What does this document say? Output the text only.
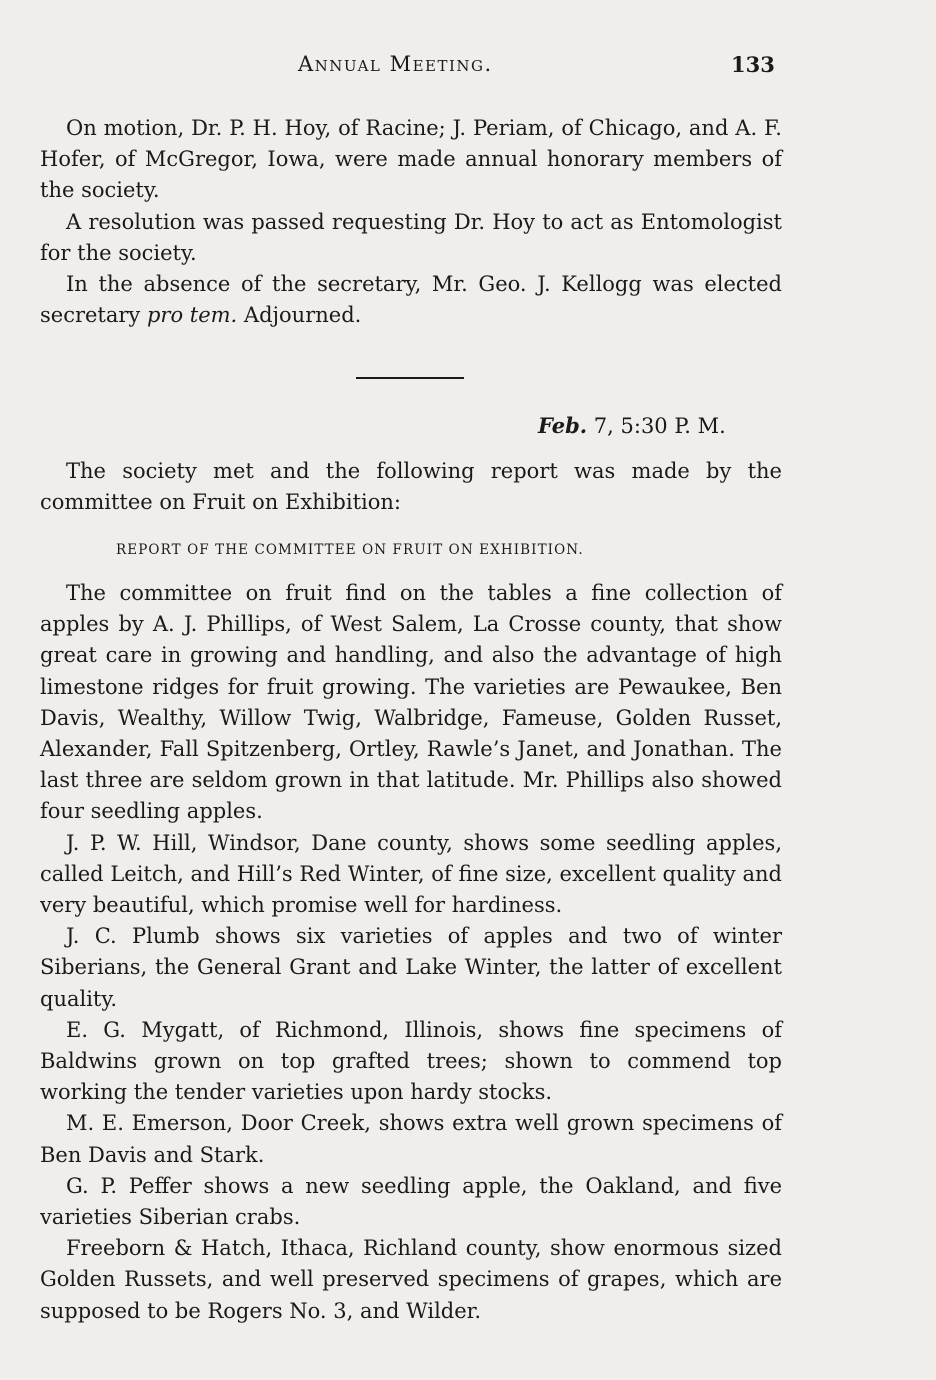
Annual Meeting.	133

On motion, Dr. P. H. Hoy, of Racine; J. Periam, of Chicago, and A. F. Hofer, of McGregor, Iowa, were made annual honorary members of the society.

A resolution was passed requesting Dr. Hoy to act as Entomologist for the society.

In the absence of the secretary, Mr. Geo. J. Kellogg was elected secretary pro tem. Adjourned.

Feb. 7, 5:30 P. M.

The society met and the following report was made by the committee on Fruit on Exhibition:

REPORT OF THE COMMITTEE ON FRUIT ON EXHIBITION.

The committee on fruit find on the tables a fine collection of apples by A. J. Phillips, of West Salem, La Crosse county, that show great care in growing and handling, and also the advantage of high limestone ridges for fruit growing. The varieties are Pewaukee, Ben Davis, Wealthy, Willow Twig, Walbridge, Fameuse, Golden Russet, Alexander, Fall Spitzenberg, Ortley, Rawle’s Janet, and Jonathan. The last three are seldom grown in that latitude. Mr. Phillips also showed four seedling apples.

J. P. W. Hill, Windsor, Dane county, shows some seedling apples, called Leitch, and Hill’s Red Winter, of fine size, excellent quality and very beautiful, which promise well for hardiness.

J. C. Plumb shows six varieties of apples and two of winter Siberians, the General Grant and Lake Winter, the latter of excellent quality.

E. G. Mygatt, of Richmond, Illinois, shows fine specimens of Baldwins grown on top grafted trees; shown to commend top working the tender varieties upon hardy stocks.

M. E. Emerson, Door Creek, shows extra well grown specimens of Ben Davis and Stark.

G. P. Peffer shows a new seedling apple, the Oakland, and five varieties Siberian crabs.

Freeborn & Hatch, Ithaca, Richland county, show enormous sized Golden Russets, and well preserved specimens of grapes, which are supposed to be Rogers No. 3, and Wilder.
